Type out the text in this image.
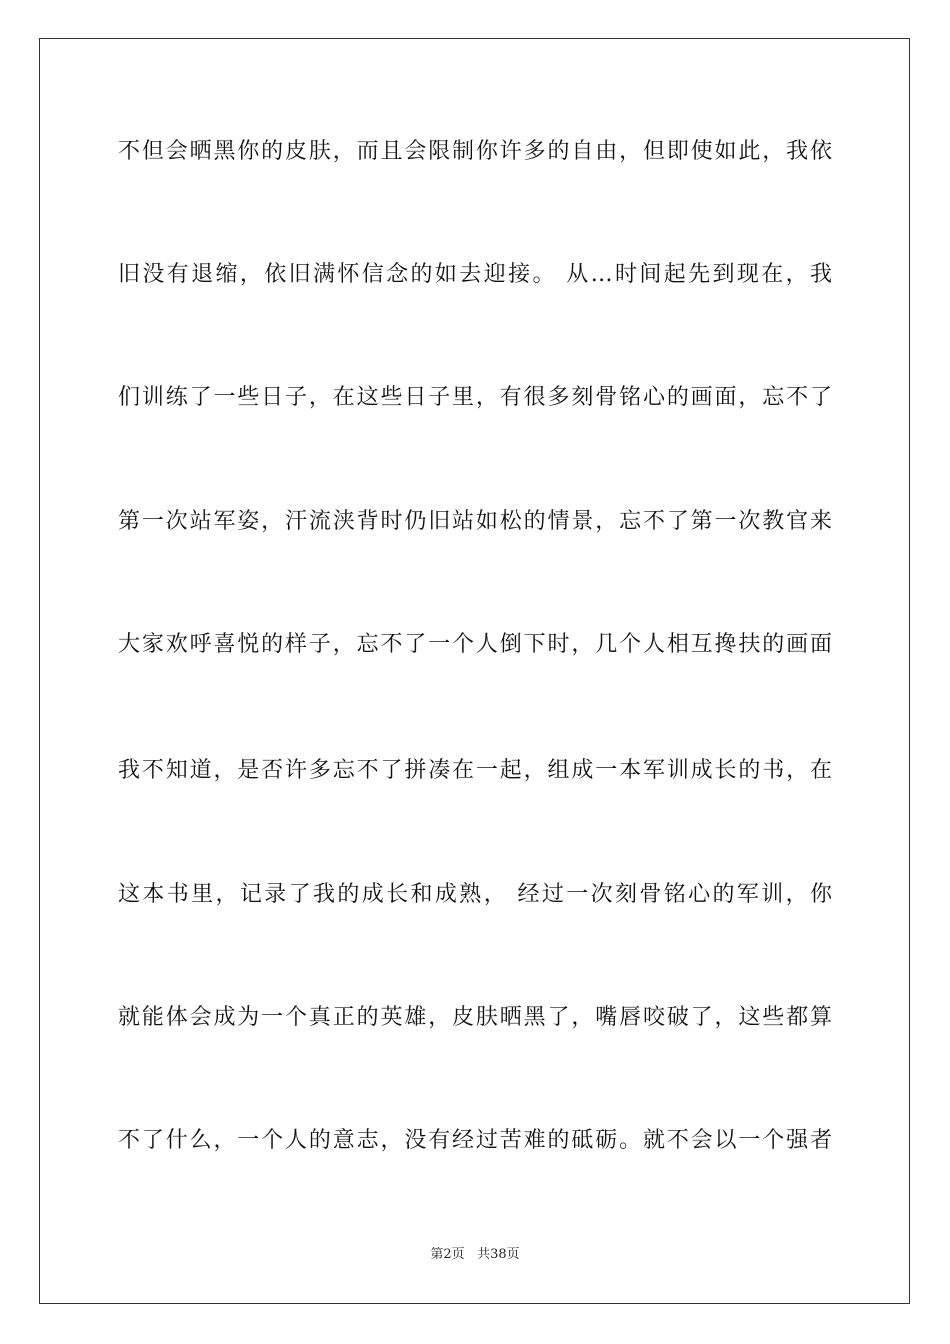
不但会晒黑你的皮肤，而且会限制你许多的自由，但即使如此，我依
旧没有退缩，依旧满怀信念的如去迎接。 从…时间起先到现在，我
们训练了一些日子，在这些日子里，有很多刻骨铭心的画面，忘不了
第一次站军姿，汗流浃背时仍旧站如松的情景，忘不了第一次教官来
大家欢呼喜悦的样子，忘不了一个人倒下时，几个人相互搀扶的画面
我不知道，是否许多忘不了拼凑在一起，组成一本军训成长的书，在
这本书里，记录了我的成长和成熟， 经过一次刻骨铭心的军训，你
就能体会成为一个真正的英雄，皮肤晒黑了，嘴唇咬破了，这些都算
不了什么，一个人的意志，没有经过苦难的砥砺。就不会以一个强者
第2页 共38页
